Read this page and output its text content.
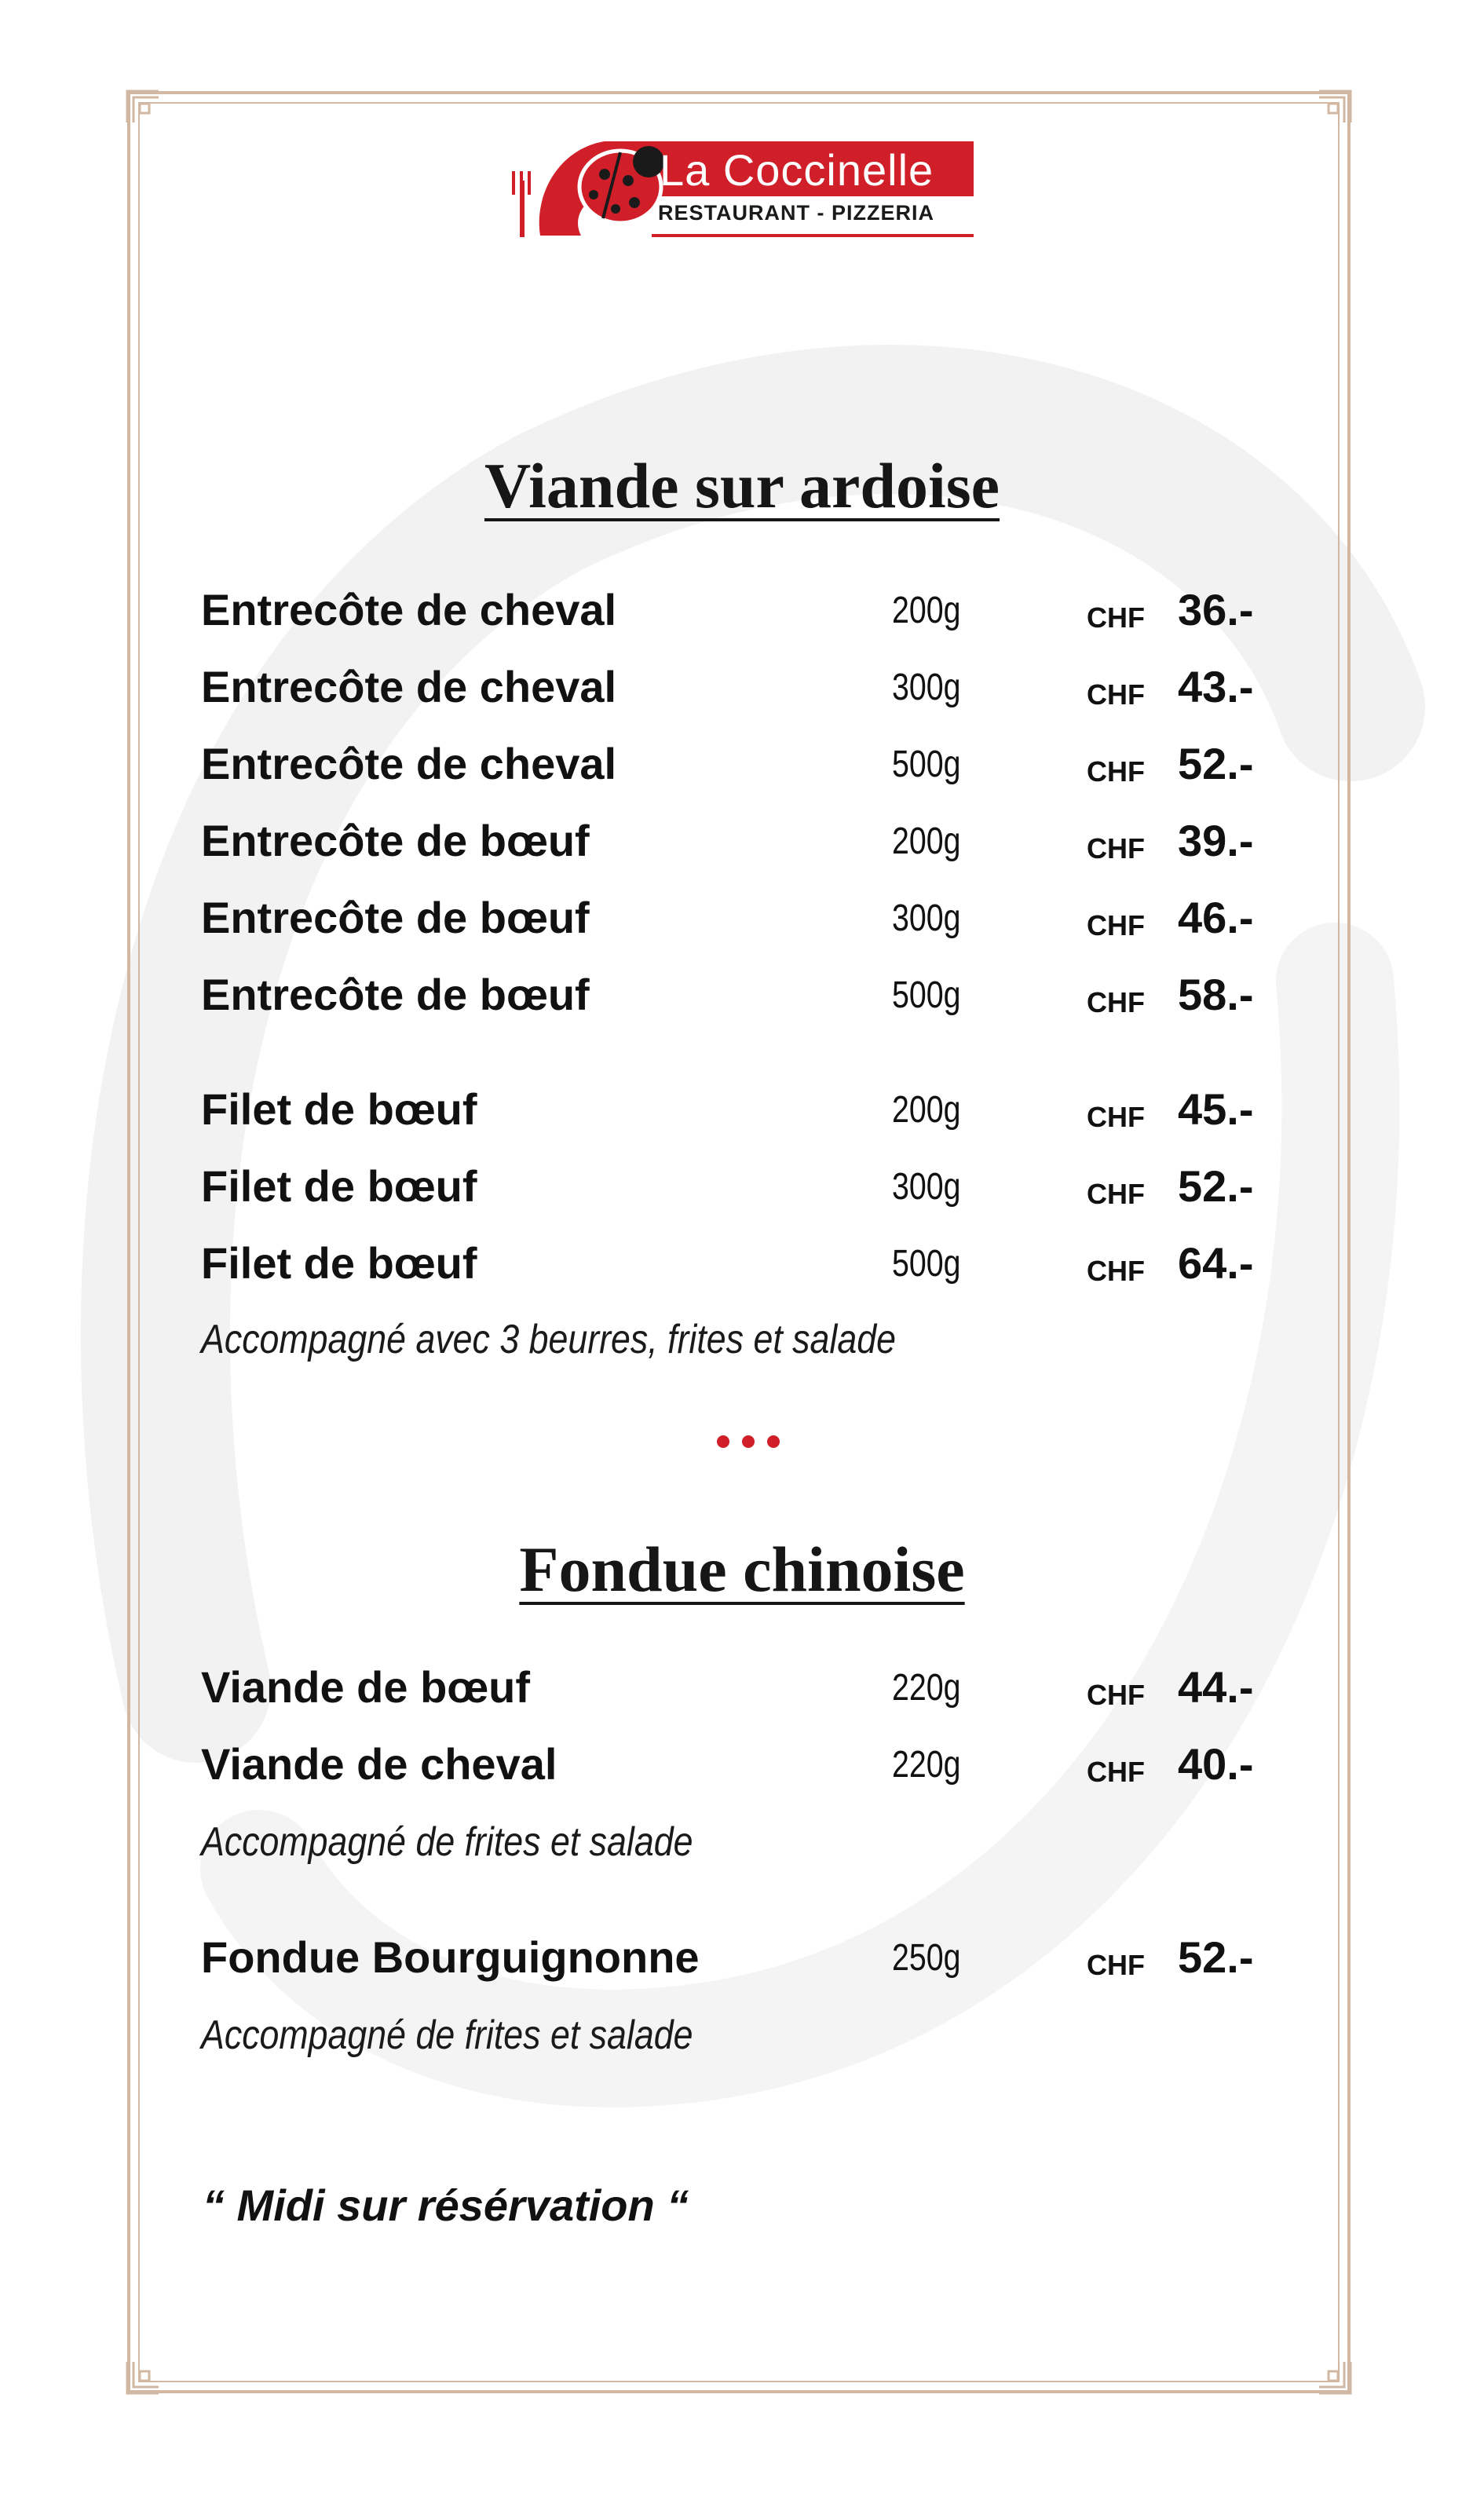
La Coccinelle
RESTAURANT - PIZZERIA
Viande sur ardoise
Entrecôte de cheval	200g	CHF 36.-
Entrecôte de cheval	300g	CHF 43.-
Entrecôte de cheval	500g	CHF 52.-
Entrecôte de bœuf	200g	CHF 39.-
Entrecôte de bœuf	300g	CHF 46.-
Entrecôte de bœuf	500g	CHF 58.-
Filet de bœuf	200g	CHF 45.-
Filet de bœuf	300g	CHF 52.-
Filet de bœuf	500g	CHF 64.-
Accompagné avec 3 beurres, frites et salade
Fondue chinoise
Viande de bœuf	220g	CHF 44.-
Viande de cheval	220g	CHF 40.-
Accompagné de frites et salade
Fondue Bourguignonne	250g	CHF 52.-
Accompagné de frites et salade
“ Midi sur résérvation “
